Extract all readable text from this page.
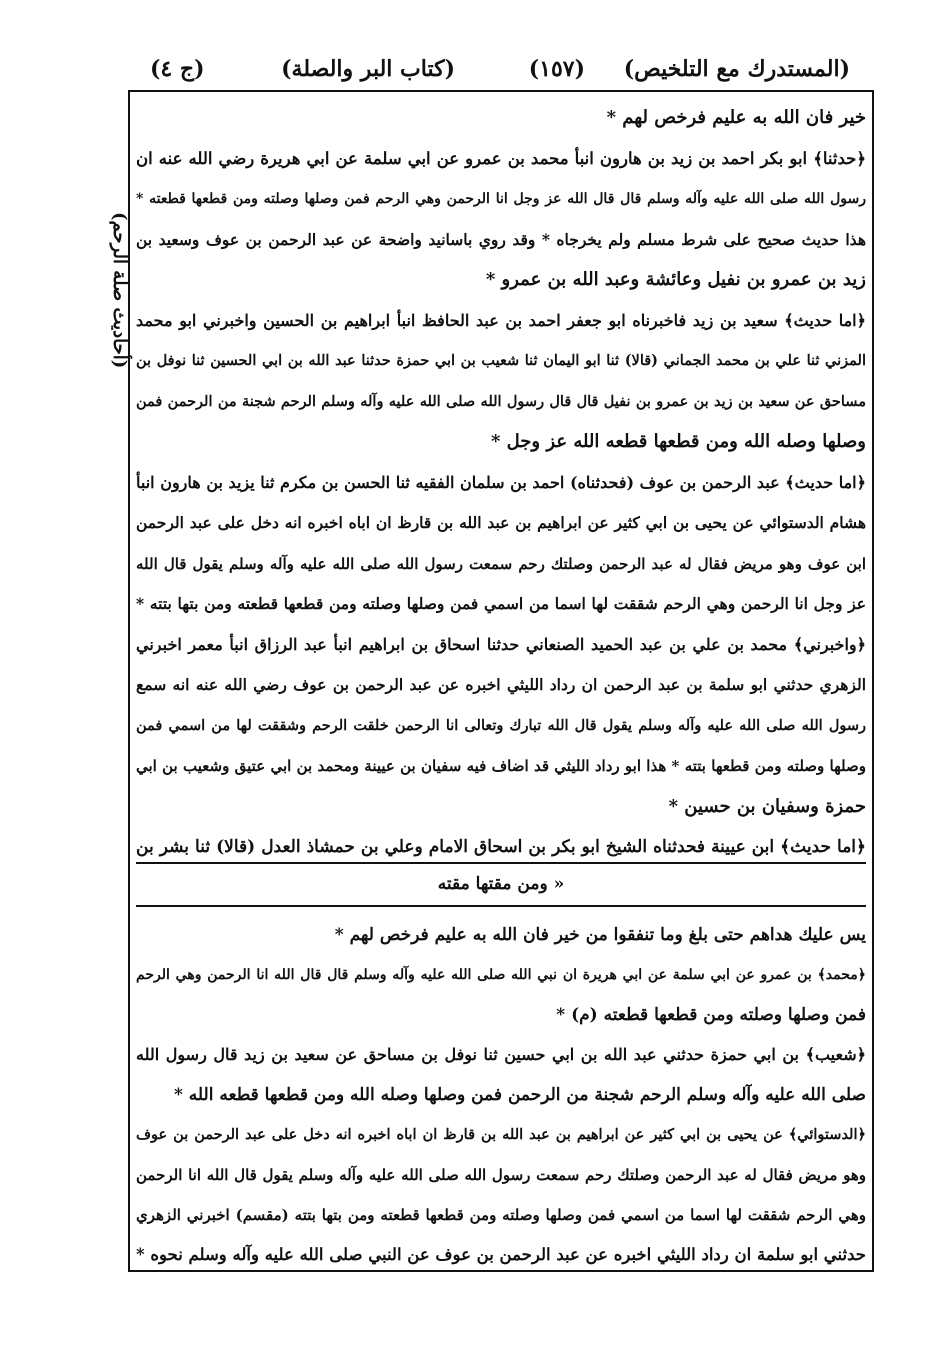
(المستدرك مع التلخيص)
(١٥٧)
(كتاب البر والصلة)
(ج ٤)
(أحاديث صلة الرحم)
خير فان الله به عليم فرخص لهم *
﴿حدثنا﴾ ابو بكر احمد بن زيد بن هارون انبأ محمد بن عمرو عن ابي سلمة عن ابي هريرة رضي الله عنه ان
رسول الله صلى الله عليه وآله وسلم قال قال الله عز وجل انا الرحمن وهي الرحم فمن وصلها وصلته ومن قطعها قطعته *
هذا حديث صحيح على شرط مسلم ولم يخرجاه * وقد روي باسانيد واضحة عن عبد الرحمن بن عوف وسعيد بن
زيد بن عمرو بن نفيل وعائشة وعبد الله بن عمرو *
﴿اما حديث﴾ سعيد بن زيد فاخبرناه ابو جعفر احمد بن عبد الحافظ انبأ ابراهيم بن الحسين واخبرني ابو محمد
المزني ثنا علي بن محمد الجماني (قالا) ثنا ابو اليمان ثنا شعيب بن ابي حمزة حدثنا عبد الله بن ابي الحسين ثنا نوفل بن
مساحق عن سعيد بن زيد بن عمرو بن نفيل قال قال رسول الله صلى الله عليه وآله وسلم الرحم شجنة من الرحمن فمن
وصلها وصله الله ومن قطعها قطعه الله عز وجل *
﴿اما حديث﴾ عبد الرحمن بن عوف (فحدثناه) احمد بن سلمان الفقيه ثنا الحسن بن مكرم ثنا يزيد بن هارون انبأ
هشام الدستوائي عن يحيى بن ابي كثير عن ابراهيم بن عبد الله بن قارظ ان اباه اخبره انه دخل على عبد الرحمن
ابن عوف وهو مريض فقال له عبد الرحمن وصلتك رحم سمعت رسول الله صلى الله عليه وآله وسلم يقول قال الله
عز وجل انا الرحمن وهي الرحم شققت لها اسما من اسمي فمن وصلها وصلته ومن قطعها قطعته ومن بتها بتته *
﴿واخبرني﴾ محمد بن علي بن عبد الحميد الصنعاني حدثنا اسحاق بن ابراهيم انبأ عبد الرزاق انبأ معمر اخبرني
الزهري حدثني ابو سلمة بن عبد الرحمن ان رداد الليثي اخبره عن عبد الرحمن بن عوف رضي الله عنه انه سمع
رسول الله صلى الله عليه وآله وسلم يقول قال الله تبارك وتعالى انا الرحمن خلقت الرحم وشققت لها من اسمي فمن
وصلها وصلته ومن قطعها بتته * هذا ابو رداد الليثي قد اضاف فيه سفيان بن عيينة ومحمد بن ابي عتيق وشعيب بن ابي
حمزة وسفيان بن حسين *
﴿اما حديث﴾ ابن عيينة فحدثناه الشيخ ابو بكر بن اسحاق الامام وعلي بن حمشاذ العدل (قالا) ثنا بشر بن
« ومن مقتها مقته
يس عليك هداهم حتى بلغ وما تنفقوا من خير فان الله به عليم فرخص لهم *
﴿محمد﴾ بن عمرو عن ابي سلمة عن ابي هريرة ان نبي الله صلى الله عليه وآله وسلم قال قال الله انا الرحمن وهي الرحم
فمن وصلها وصلته ومن قطعها قطعته (م) *
﴿شعيب﴾ بن ابي حمزة حدثني عبد الله بن ابي حسين ثنا نوفل بن مساحق عن سعيد بن زيد قال رسول الله
صلى الله عليه وآله وسلم الرحم شجنة من الرحمن فمن وصلها وصله الله ومن قطعها قطعه الله *
﴿الدستوائي﴾ عن يحيى بن ابي كثير عن ابراهيم بن عبد الله بن قارظ ان اباه اخبره انه دخل على عبد الرحمن بن عوف
وهو مريض فقال له عبد الرحمن وصلتك رحم سمعت رسول الله صلى الله عليه وآله وسلم يقول قال الله انا الرحمن
وهي الرحم شققت لها اسما من اسمي فمن وصلها وصلته ومن قطعها قطعته ومن بتها بتته (مقسم) اخبرني الزهري
حدثني ابو سلمة ان رداد الليثي اخبره عن عبد الرحمن بن عوف عن النبي صلى الله عليه وآله وسلم نحوه *
